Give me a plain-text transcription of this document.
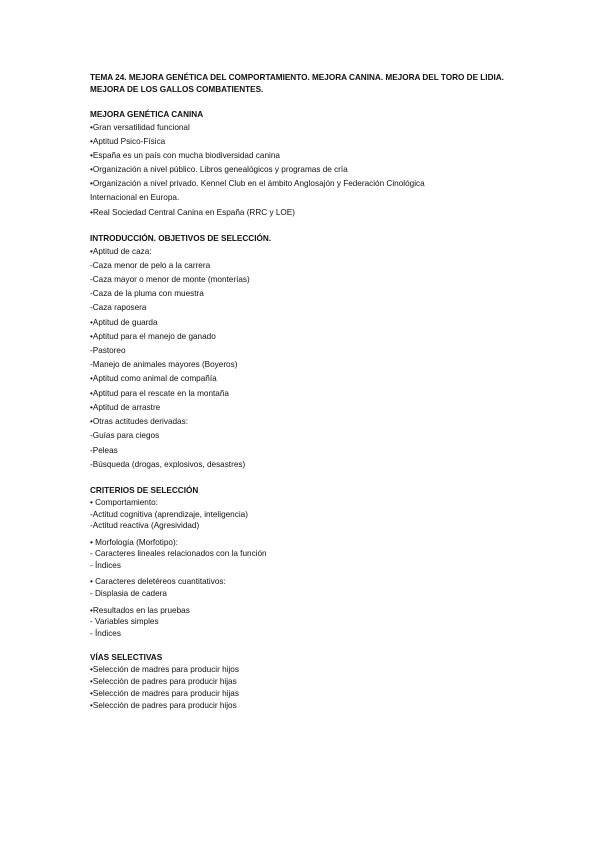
TEMA 24. MEJORA GENÉTICA DEL COMPORTAMIENTO. MEJORA CANINA. MEJORA DEL TORO DE LIDIA. MEJORA DE LOS GALLOS COMBATIENTES.

MEJORA GENÉTICA CANINA

•Gran versatilidad funcional

•Aptitud Psico-Física

•España es un país con mucha biodiversidad canina

•Organización a nivel público. Libros genealógicos y programas de cría

•Organización a nivel privado. Kennel Club en el ámbito Anglosajón y Federación Cinológica

Internacional en Europa.

•Real Sociedad Central Canina en España (RRC y LOE)

INTRODUCCIÓN. OBJETIVOS DE SELECCIÓN.

•Aptitud de caza:

-Caza menor de pelo a la carrera

-Caza mayor o menor de monte (monterías)

-Caza de la pluma con muestra

-Caza raposera

•Aptitud de guarda

•Aptitud para el manejo de ganado

-Pastoreo

-Manejo de animales mayores (Boyeros)

•Aptitud como animal de compañía

•Aptitud para el rescate en la montaña

•Aptitud de arrastre

•Otras actitudes derivadas:

-Guías para ciegos

-Peleas

-Búsqueda (drogas, explosivos, desastres)

CRITERIOS DE SELECCIÓN

• Comportamiento:

-Actitud cognitiva (aprendizaje, inteligencia)

-Actitud reactiva (Agresividad)

• Morfología (Morfotipo):

- Caracteres lineales relacionados con la función

- Índices

• Caracteres deletéreos cuantitativos:

- Displasia de cadera

•Resultados en las pruebas

- Variables simples

- Índices

VÍAS SELECTIVAS

•Selección de madres para producir hijos

•Selección de padres para producir hijas

•Selección de madres para producir hijas

•Selección de padres para producir hijos
